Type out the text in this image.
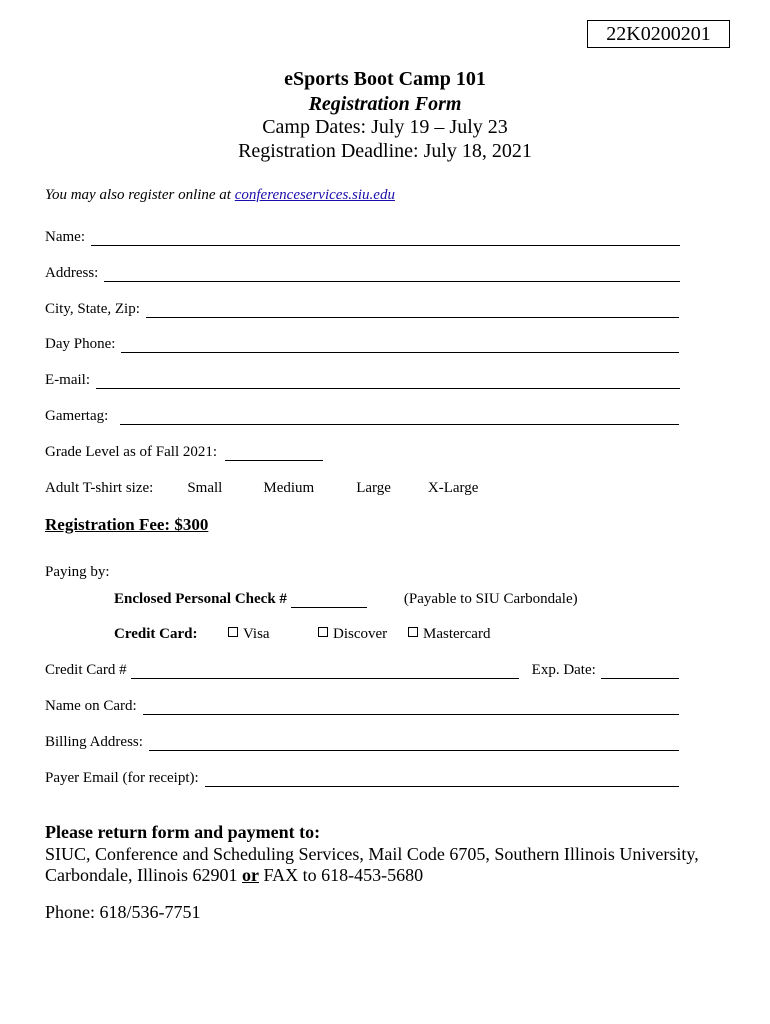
22K0200201
eSports Boot Camp 101
Registration Form
Camp Dates: July 19 – July 23
Registration Deadline: July 18, 2021
You may also register online at conferenceservices.siu.edu
Name:
Address:
City, State, Zip:
Day Phone:
E-mail:
Gamertag:
Grade Level as of Fall 2021:
Adult T-shirt size: Small	Medium	Large X-Large
Registration Fee: $300
Paying by:
Enclosed Personal Check #	(Payable to SIU Carbondale)
Credit Card:	Visa	Discover	Mastercard
Credit Card #	Exp. Date:
Name on Card:
Billing Address:
Payer Email (for receipt):
Please return form and payment to:
SIUC, Conference and Scheduling Services, Mail Code 6705, Southern Illinois University,
Carbondale, Illinois 62901 or FAX to 618-453-5680
Phone: 618/536-7751
